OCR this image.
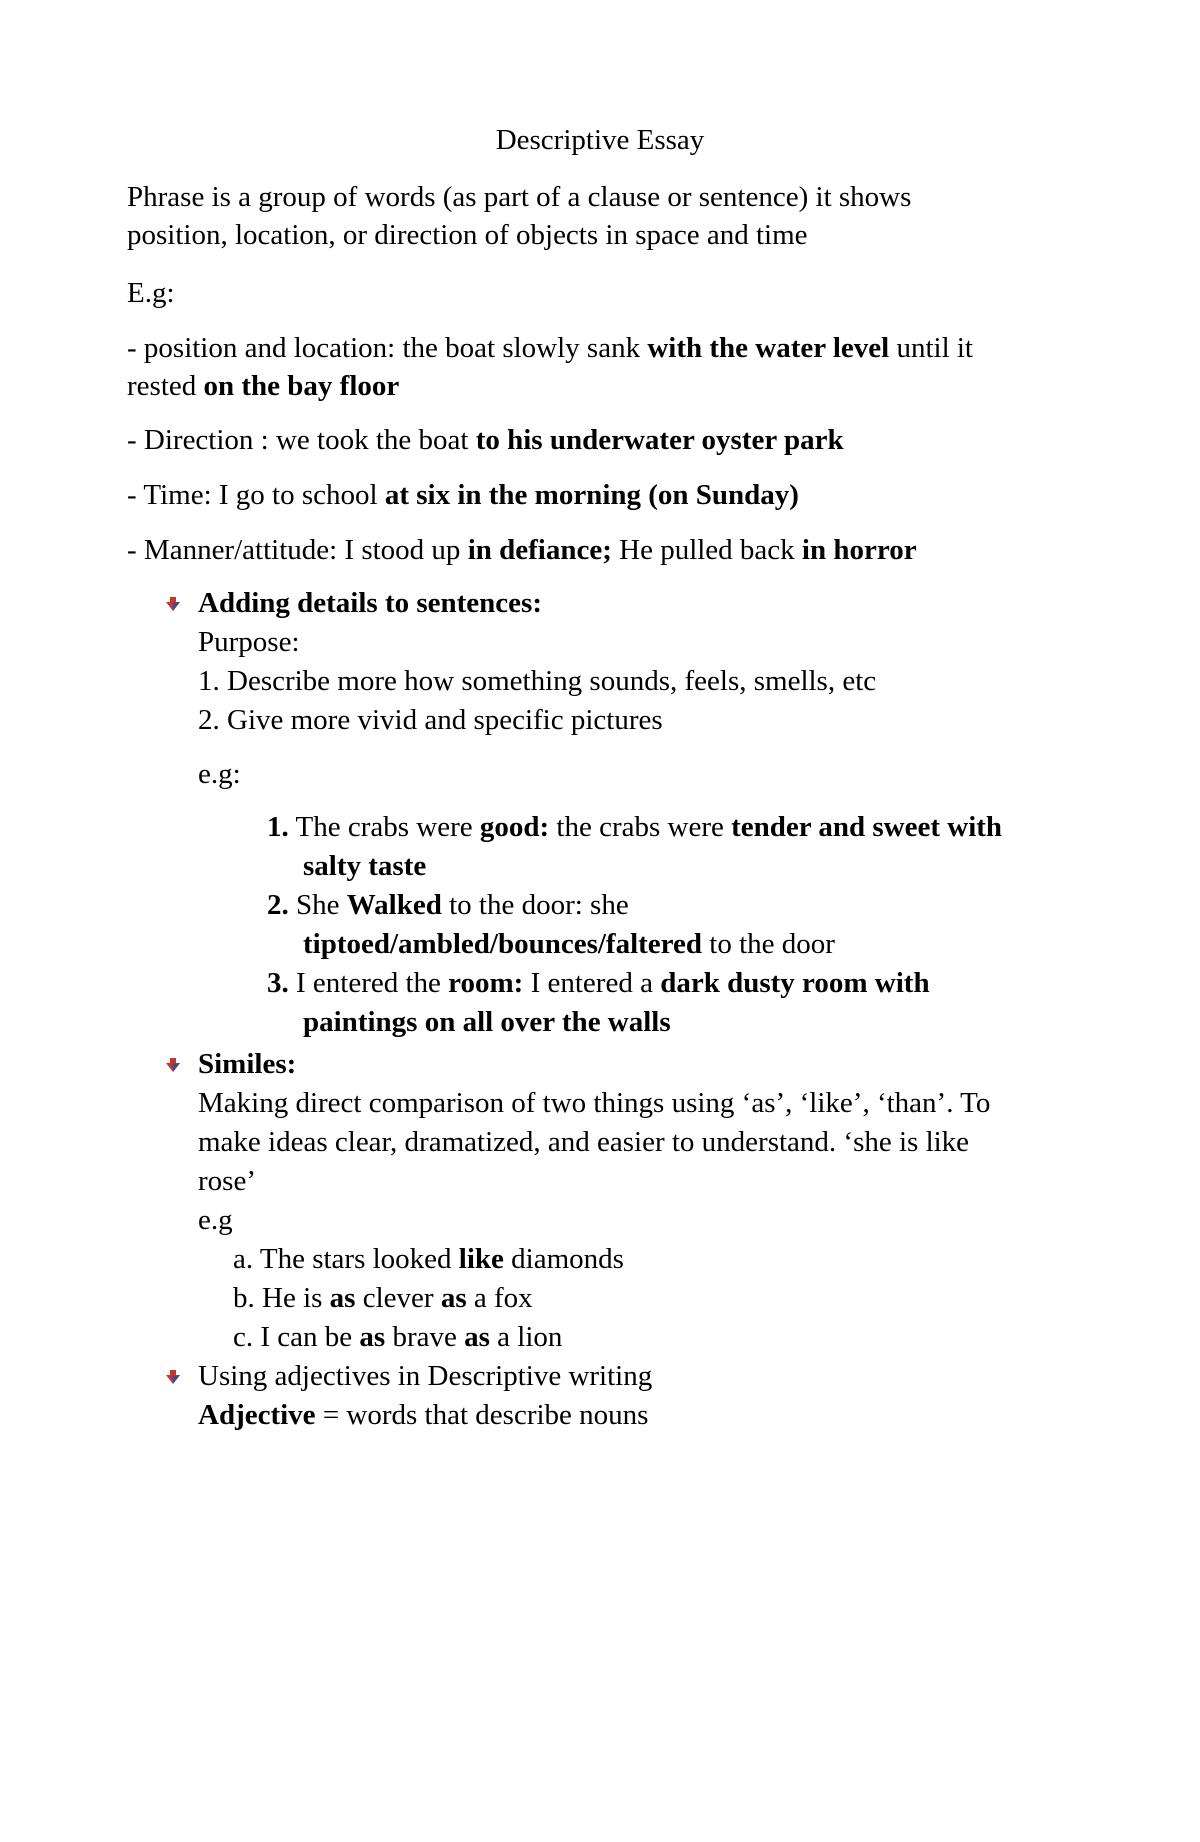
Descriptive Essay
Phrase is a group of words (as part of a clause or sentence) it shows
position, location, or direction of objects in space and time
E.g:
- position and location: the boat slowly sank with the water level until it
rested on the bay floor
- Direction : we took the boat to his underwater oyster park
- Time: I go to school at six in the morning (on Sunday)
- Manner/attitude: I stood up in defiance; He pulled back in horror
Adding details to sentences:
Purpose:
1. Describe more how something sounds, feels, smells, etc
2. Give more vivid and specific pictures
e.g:
1. The crabs were good: the crabs were tender and sweet with
salty taste
2. She Walked to the door: she
tiptoed/ambled/bounces/faltered to the door
3. I entered the room: I entered a dark dusty room with
paintings on all over the walls
Similes:
Making direct comparison of two things using ‘as’, ‘like’, ‘than’. To
make ideas clear, dramatized, and easier to understand. ‘she is like
rose’
e.g
a. The stars looked like diamonds
b. He is as clever as a fox
c. I can be as brave as a lion
Using adjectives in Descriptive writing
Adjective = words that describe nouns
